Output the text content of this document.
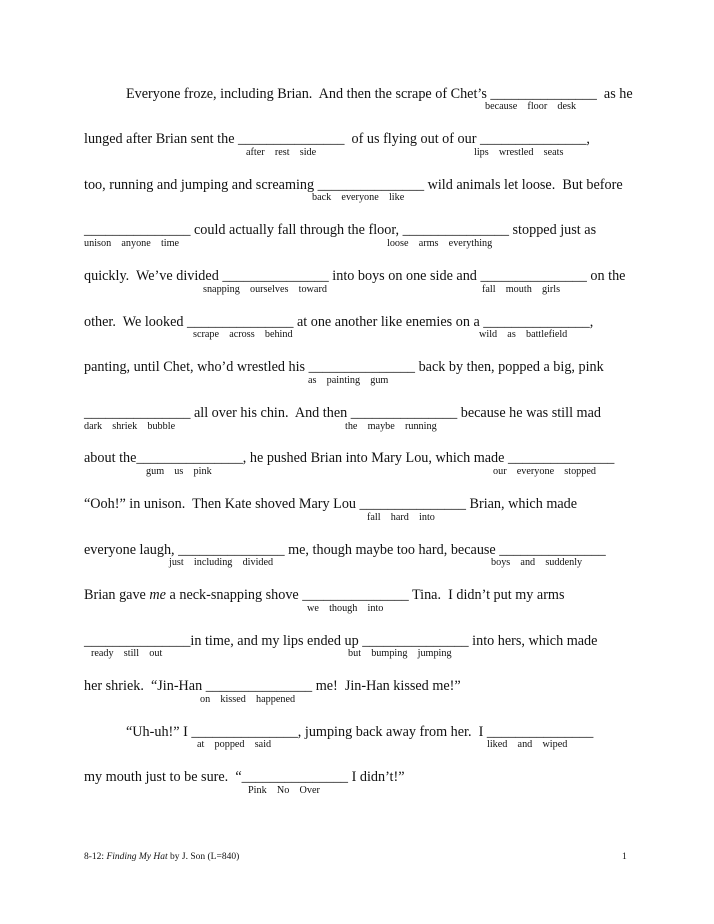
Everyone froze, including Brian.  And then the scrape of Chet’s _______________  as he
because    floor    desk
lunged after Brian sent the _______________  of us flying out of our _______________,
after    rest    side	lips    wrestled    seats
too, running and jumping and screaming _______________ wild animals let loose.  But before
back    everyone    like
_______________ could actually fall through the floor, _______________ stopped just as
unison    anyone    time	loose    arms    everything
quickly.  We’ve divided _______________ into boys on one side and _______________ on the
snapping    ourselves    toward	fall    mouth    girls
other.  We looked _______________ at one another like enemies on a _______________,
scrape    across    behind	wild    as    battlefield
panting, until Chet, who’d wrestled his _______________ back by then, popped a big, pink
as    painting    gum
_______________ all over his chin.  And then _______________ because he was still mad
dark    shriek    bubble	the    maybe    running
about the_______________, he pushed Brian into Mary Lou, which made _______________
gum    us    pink	our    everyone    stopped
“Ooh!” in unison.  Then Kate shoved Mary Lou _______________ Brian, which made
fall    hard    into
everyone laugh, _______________ me, though maybe too hard, because _______________
just    including    divided	boys    and    suddenly
Brian gave me a neck-snapping shove _______________ Tina.  I didn’t put my arms
we    though    into
_______________in time, and my lips ended up _______________ into hers, which made
ready    still    out	but    bumping    jumping
her shriek.  “Jin-Han _______________ me!  Jin-Han kissed me!”
on    kissed    happened
“Uh-uh!” I _______________, jumping back away from her.  I _______________
at    popped    said	liked    and    wiped
my mouth just to be sure.  “_______________ I didn’t!”
Pink    No    Over
8-12: Finding My Hat by J. Son (L=840)	1
